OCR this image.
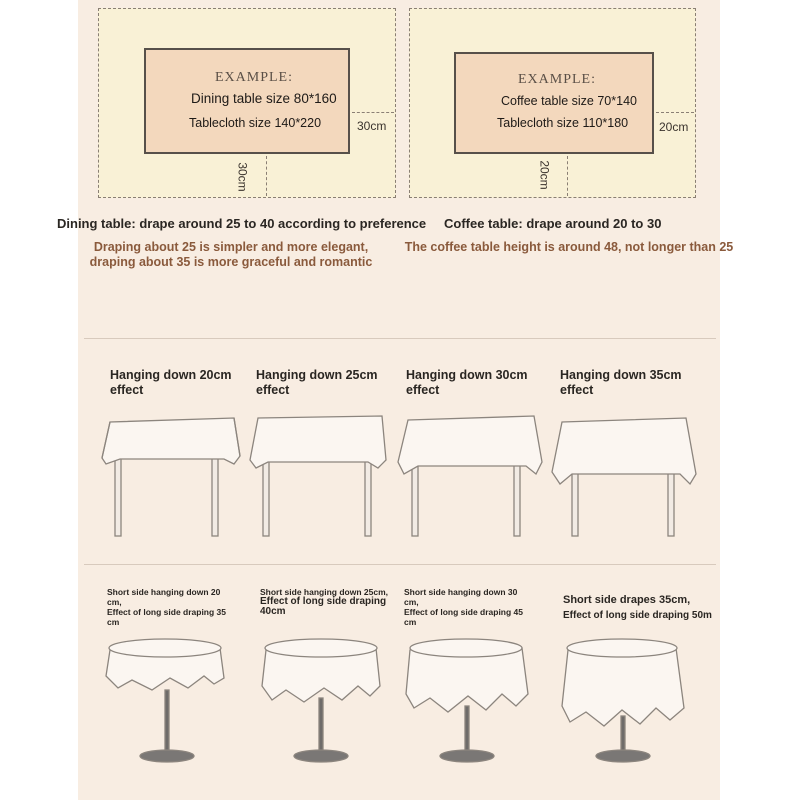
EXAMPLE:
Dining table size 80*160
Tablecloth size 140*220	30cm
30cm
EXAMPLE:
Coffee table size 70*140
Tablecloth size 110*180	20cm
20cm
Dining table: drape around 25 to 40 according to preference Coffee table: drape around 20 to 30
Draping about 25 is simpler and more elegant, draping about 35 is more graceful and romantic
The coffee table height is around 48, not longer than 25
Hanging down 20cm effect
Hanging down 25cm effect
Hanging down 30cm effect
Hanging down 35cm effect
Short side hanging down 20 cm,
Effect of long side draping 35 cm
Short side hanging down 25cm,
Effect of long side draping 40cm
Short side hanging down 30 cm,
Effect of long side draping 45 cm
Short side drapes 35cm,
Effect of long side draping 50m
